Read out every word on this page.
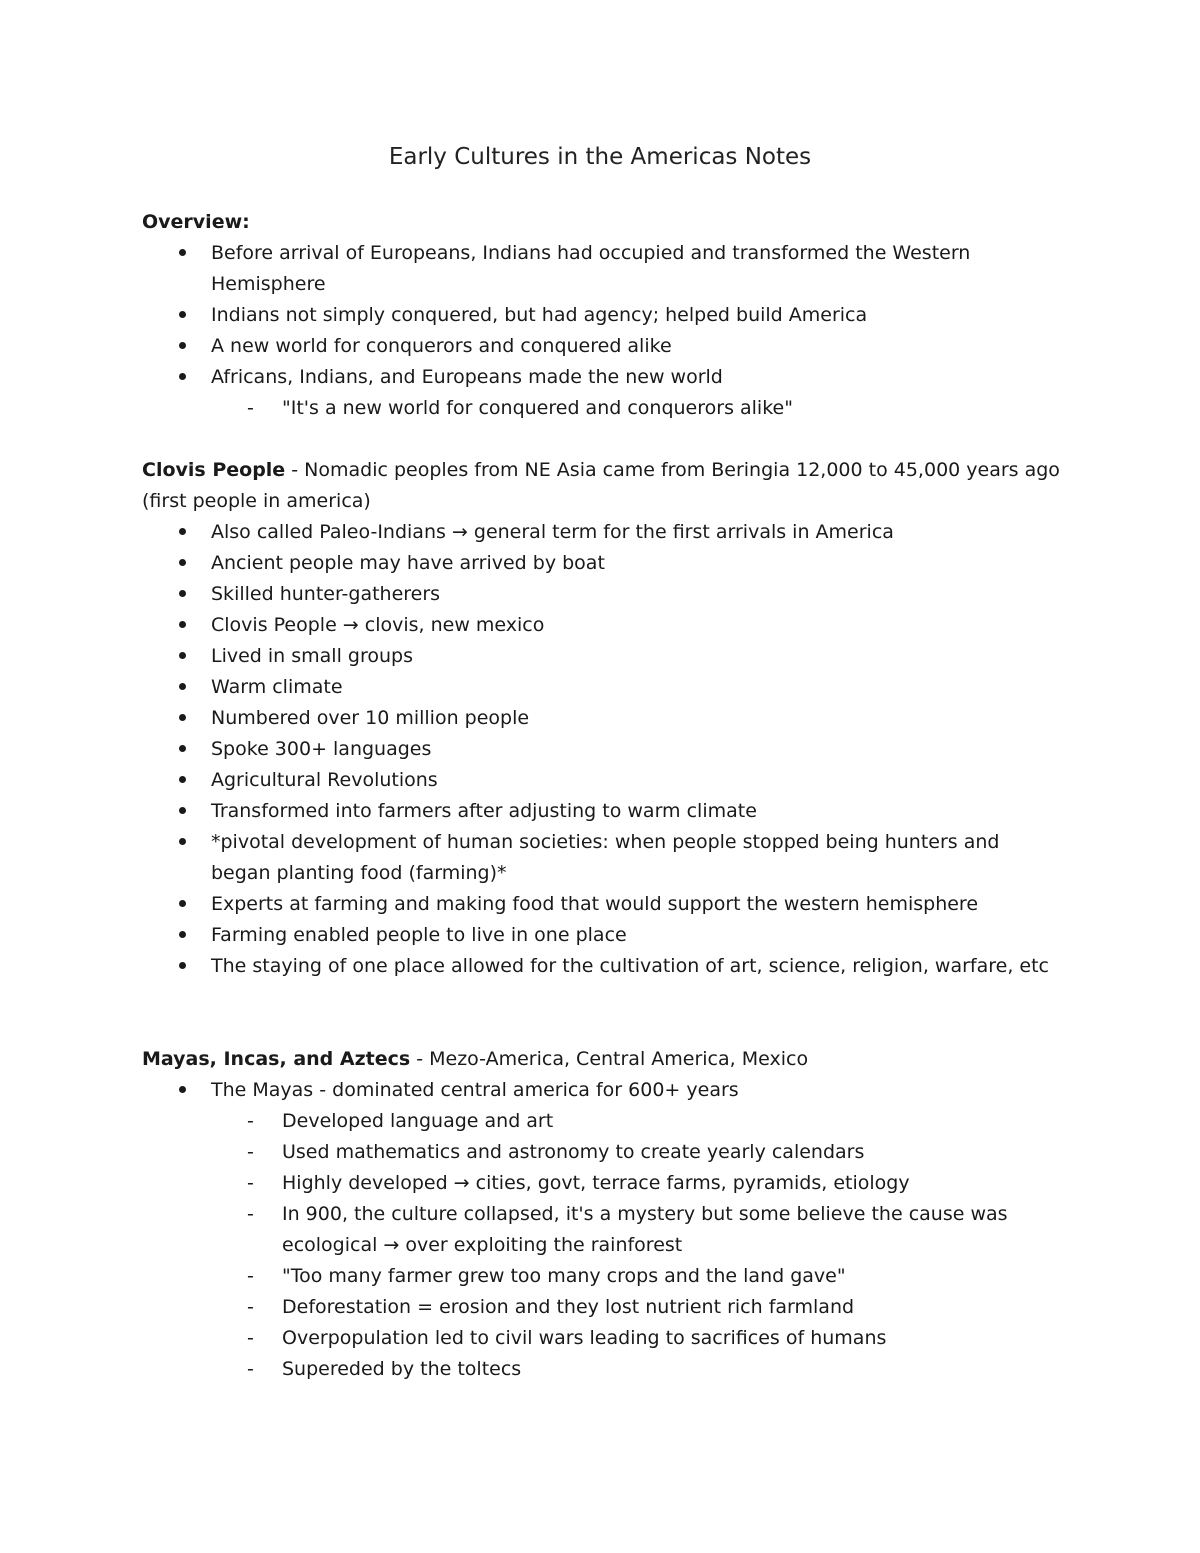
Early Cultures in the Americas Notes

Overview:

Before arrival of Europeans, Indians had occupied and transformed the Western Hemisphere
Indians not simply conquered, but had agency; helped build America
A new world for conquerors and conquered alike
Africans, Indians, and Europeans made the new world
- "It's a new world for conquered and conquerors alike"

Clovis People - Nomadic peoples from NE Asia came from Beringia 12,000 to 45,000 years ago (first people in america)

Also called Paleo-Indians → general term for the first arrivals in America
Ancient people may have arrived by boat
Skilled hunter-gatherers
Clovis People → clovis, new mexico
Lived in small groups
Warm climate
Numbered over 10 million people
Spoke 300+ languages
Agricultural Revolutions
Transformed into farmers after adjusting to warm climate
*pivotal development of human societies: when people stopped being hunters and began planting food (farming)*
Experts at farming and making food that would support the western hemisphere
Farming enabled people to live in one place
The staying of one place allowed for the cultivation of art, science, religion, warfare, etc

Mayas, Incas, and Aztecs - Mezo-America, Central America, Mexico

The Mayas - dominated central america for 600+ years
- Developed language and art
- Used mathematics and astronomy to create yearly calendars
- Highly developed → cities, govt, terrace farms, pyramids, etiology
- In 900, the culture collapsed, it's a mystery but some believe the cause was ecological → over exploiting the rainforest
- "Too many farmer grew too many crops and the land gave"
- Deforestation = erosion and they lost nutrient rich farmland
- Overpopulation led to civil wars leading to sacrifices of humans
- Supereded by the toltecs
